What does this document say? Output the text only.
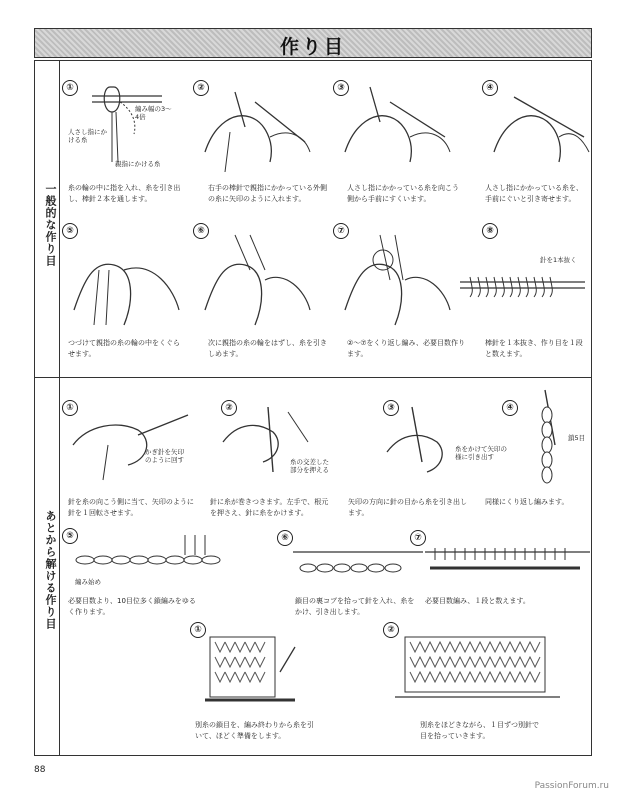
作り目
一般的な作り目
あとから解ける作り目
①
人さし指にかける糸
編み幅の3～4倍
親指にかける糸
糸の輪の中に指を入れ、糸を引き出し、棒針２本を通します。
②
右手の棒針で親指にかかっている外側の糸に矢印のように入れます。
③
人さし指にかかっている糸を向こう側から手前にすくいます。
④
人さし指にかかっている糸を、手前にぐいと引き寄せます。
⑤
つづけて親指の糸の輪の中をくぐらせます。
⑥
次に親指の糸の輪をはずし、糸を引きしめます。
⑦
②～⑦をくり返し編み、必要目数作ります。
⑧
針を1本抜く
棒針を１本抜き、作り目を１段と数えます。
①
かぎ針を矢印のように回す
針を糸の向こう側に当て、矢印のように針を１回転させます。
②
糸の交差した部分を押える
針に糸が巻きつきます。左手で、根元を押さえ、針に糸をかけます。
③
糸をかけて矢印の様に引き出す
矢印の方向に針の目から糸を引き出します。
④
鎖5目
同様にくり返し編みます。
⑤
編み始め
必要目数より、10目位多く鎖編みをゆるく作ります。
⑥
鎖目の裏コブを拾って針を入れ、糸をかけ、引き出します。
⑦
必要目数編み、１段と数えます。
①
別糸の鎖目を、編み終わりから糸を引いて、ほどく準備をします。
②
別糸をほどきながら、１目ずつ別針で目を拾っていきます。
88
PassionForum.ru
